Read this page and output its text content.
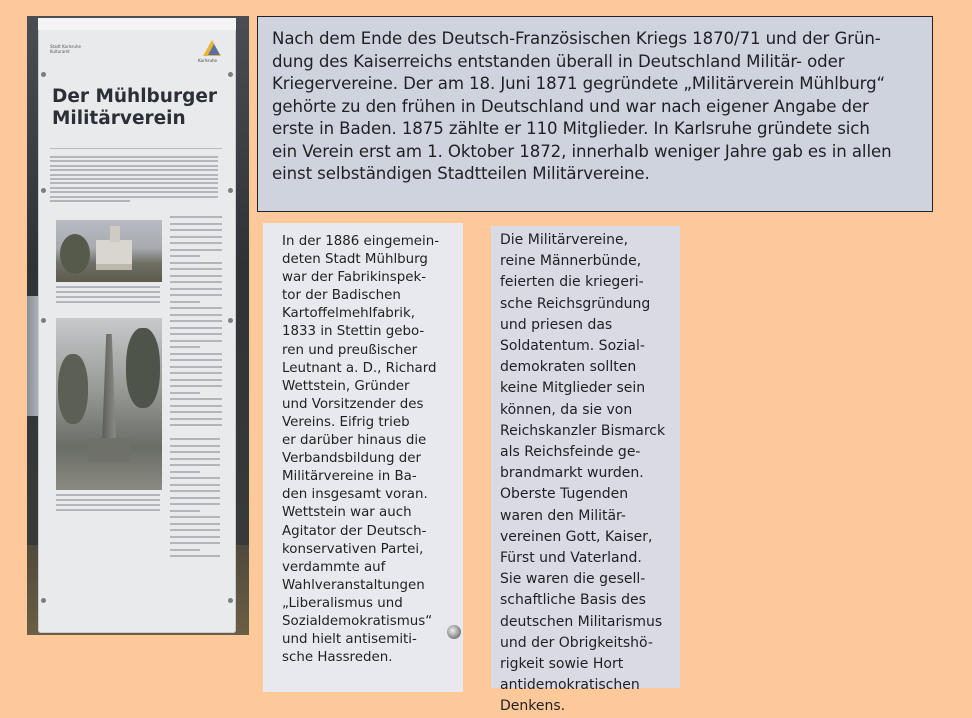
Stadt Karlsruhe
Kulturamt
Karlsruhe
Der Mühlburger
Militärverein
Nach dem Ende des Deutsch-Französischen Kriegs 1870/71 und der Grün-
dung des Kaiserreichs entstanden überall in Deutschland Militär- oder
Kriegervereine. Der am 18. Juni 1871 gegründete „Militärverein Mühlburg“
gehörte zu den frühen in Deutschland und war nach eigener Angabe der
erste in Baden. 1875 zählte er 110 Mitglieder. In Karlsruhe gründete sich
ein Verein erst am 1. Oktober 1872, innerhalb weniger Jahre gab es in allen
einst selbständigen Stadtteilen Militärvereine.
In der 1886 eingemein-
deten Stadt Mühlburg
war der Fabrikinspek-
tor der Badischen
Kartoffelmehlfabrik,
1833 in Stettin gebo-
ren und preußischer
Leutnant a. D., Richard
Wettstein, Gründer
und Vorsitzender des
Vereins. Eifrig trieb
er darüber hinaus die
Verbandsbildung der
Militärvereine in Ba-
den insgesamt voran.
Wettstein war auch
Agitator der Deutsch-
konservativen Partei,
verdammte auf
Wahlveranstaltungen
„Liberalismus und
Sozialdemokratismus“
und hielt antisemiti-
sche Hassreden.
Die Militärvereine,
reine Männerbünde,
feierten die kriegeri-
sche Reichsgründung
und priesen das
Soldatentum. Sozial-
demokraten sollten
keine Mitglieder sein
können, da sie von
Reichskanzler Bismarck
als Reichsfeinde ge-
brandmarkt wurden.
Oberste Tugenden
waren den Militär-
vereinen Gott, Kaiser,
Fürst und Vaterland.
Sie waren die gesell-
schaftliche Basis des
deutschen Militarismus
und der Obrigkeitshö-
rigkeit sowie Hort
antidemokratischen
Denkens.
